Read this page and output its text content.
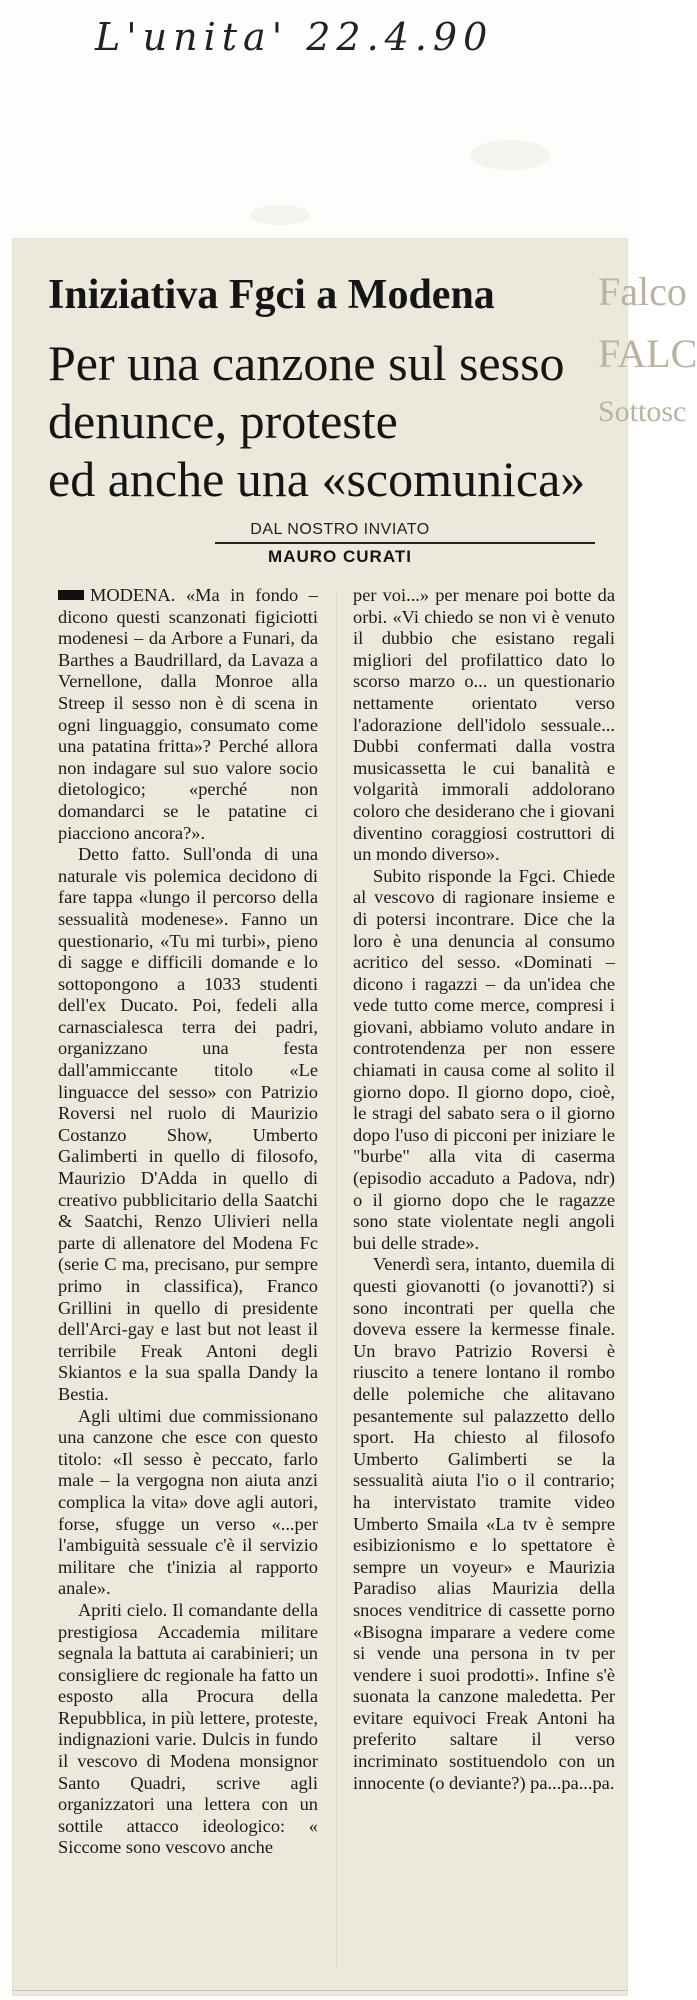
L'unita' 22.4.90
Falco
FALC
Sottosc
Iniziativa Fgci a Modena
Per una canzone sul sesso
denunce, proteste
ed anche una «scomunica»
DAL NOSTRO INVIATO
MAURO CURATI

MODENA. «Ma in fondo – dicono questi scanzonati figiciotti modenesi – da Arbore a Funari, da Barthes a Baudrillard, da Lavaza a Vernellone, dalla Monroe alla Streep il sesso non è di scena in ogni linguaggio, consumato come una patatina fritta»? Perché allora non indagare sul suo valore socio dietologico; «perché non domandarci se le patatine ci piacciono ancora?».

Detto fatto. Sull'onda di una naturale vis polemica decidono di fare tappa «lungo il percorso della sessualità modenese». Fanno un questionario, «Tu mi turbi», pieno di sagge e difficili domande e lo sottopongono a 1033 studenti dell'ex Ducato. Poi, fedeli alla carnascialesca terra dei padri, organizzano una festa dall'ammiccante titolo «Le linguacce del sesso» con Patrizio Roversi nel ruolo di Maurizio Costanzo Show, Umberto Galimberti in quello di filosofo, Maurizio D'Adda in quello di creativo pubblicitario della Saatchi & Saatchi, Renzo Ulivieri nella parte di allenatore del Modena Fc (serie C ma, precisano, pur sempre primo in classifica), Franco Grillini in quello di presidente dell'Arci-gay e last but not least il terribile Freak Antoni degli Skiantos e la sua spalla Dandy la Bestia.

Agli ultimi due commissionano una canzone che esce con questo titolo: «Il sesso è peccato, farlo male – la vergogna non aiuta anzi complica la vita» dove agli autori, forse, sfugge un verso «...per l'ambiguità sessuale c'è il servizio militare che t'inizia al rapporto anale».

Apriti cielo. Il comandante della prestigiosa Accademia militare segnala la battuta ai carabinieri; un consigliere dc regionale ha fatto un esposto alla Procura della Repubblica, in più lettere, proteste, indignazioni varie. Dulcis in fundo il vescovo di Modena monsignor Santo Quadri, scrive agli organizzatori una lettera con un sottile attacco ideologico: « Siccome sono vescovo anche

per voi...» per menare poi botte da orbi. «Vi chiedo se non vi è venuto il dubbio che esistano regali migliori del profilattico dato lo scorso marzo o... un questionario nettamente orientato verso l'adorazione dell'idolo sessuale... Dubbi confermati dalla vostra musicassetta le cui banalità e volgarità immorali addolorano coloro che desiderano che i giovani diventino coraggiosi costruttori di un mondo diverso».

Subito risponde la Fgci. Chiede al vescovo di ragionare insieme e di potersi incontrare. Dice che la loro è una denuncia al consumo acritico del sesso. «Dominati – dicono i ragazzi – da un'idea che vede tutto come merce, compresi i giovani, abbiamo voluto andare in controtendenza per non essere chiamati in causa come al solito il giorno dopo. Il giorno dopo, cioè, le stragi del sabato sera o il giorno dopo l'uso di picconi per iniziare le "burbe" alla vita di caserma (episodio accaduto a Padova, ndr) o il giorno dopo che le ragazze sono state violentate negli angoli bui delle strade».

Venerdì sera, intanto, duemila di questi giovanotti (o jovanotti?) si sono incontrati per quella che doveva essere la kermesse finale. Un bravo Patrizio Roversi è riuscito a tenere lontano il rombo delle polemiche che alitavano pesantemente sul palazzetto dello sport. Ha chiesto al filosofo Umberto Galimberti se la sessualità aiuta l'io o il contrario; ha intervistato tramite video Umberto Smaila «La tv è sempre esibizionismo e lo spettatore è sempre un voyeur» e Maurizia Paradiso alias Maurizia della snoces venditrice di cassette porno «Bisogna imparare a vedere come si vende una persona in tv per vendere i suoi prodotti». Infine s'è suonata la canzone maledetta. Per evitare equivoci Freak Antoni ha preferito saltare il verso incriminato sostituendolo con un innocente (o deviante?) pa...pa...pa.
